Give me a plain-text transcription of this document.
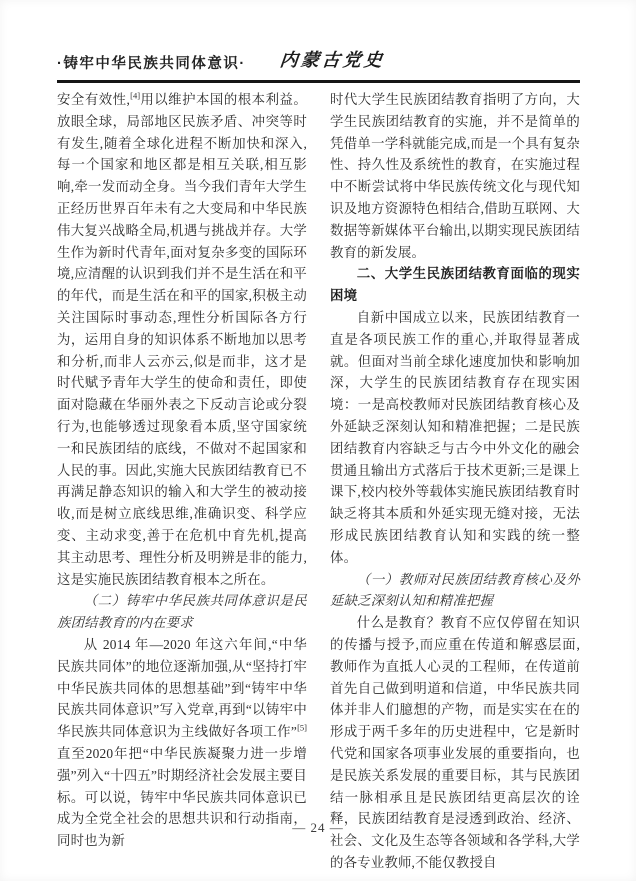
·铸牢中华民族共同体意识· 内蒙古党史

安全有效性,[4]用以维护本国的根本利益。放眼全球，局部地区民族矛盾、冲突等时有发生,随着全球化进程不断加快和深入,每一个国家和地区都是相互关联,相互影响,牵一发而动全身。当今我们青年大学生正经历世界百年未有之大变局和中华民族伟大复兴战略全局,机遇与挑战并存。大学生作为新时代青年,面对复杂多变的国际环境,应清醒的认识到我们并不是生活在和平的年代，而是生活在和平的国家,积极主动关注国际时事动态,理性分析国际各方行为，运用自身的知识体系不断地加以思考和分析,而非人云亦云,似是而非，这才是时代赋予青年大学生的使命和责任，即使面对隐藏在华丽外表之下反动言论或分裂行为,也能够透过现象看本质,坚守国家统一和民族团结的底线，不做对不起国家和人民的事。因此,实施大民族团结教育已不再满足静态知识的输入和大学生的被动接收,而是树立底线思维,准确识变、科学应变、主动求变,善于在危机中育先机,提高其主动思考、理性分析及明辨是非的能力,这是实施民族团结教育根本之所在。

（二）铸牢中华民族共同体意识是民族团结教育的内在要求

从 2014 年—2020 年这六年间,“中华民族共同体”的地位逐渐加强,从“坚持打牢中华民族共同体的思想基础”到“铸牢中华民族共同体意识”写入党章,再到“以铸牢中华民族共同体意识为主线做好各项工作”[5]直至2020年把“中华民族凝聚力进一步增强”列入“十四五”时期经济社会发展主要目标。可以说，铸牢中华民族共同体意识已成为全党全社会的思想共识和行动指南，同时也为新

时代大学生民族团结教育指明了方向，大学生民族团结教育的实施，并不是简单的凭借单一学科就能完成,而是一个具有复杂性、持久性及系统性的教育，在实施过程中不断尝试将中华民族传统文化与现代知识及地方资源特色相结合,借助互联网、大数据等新媒体平台输出,以期实现民族团结教育的新发展。

二、大学生民族团结教育面临的现实困境

自新中国成立以来，民族团结教育一直是各项民族工作的重心,并取得显著成就。但面对当前全球化速度加快和影响加深，大学生的民族团结教育存在现实困境：一是高校教师对民族团结教育核心及外延缺乏深刻认知和精准把握；二是民族团结教育内容缺乏与古今中外文化的融会贯通且输出方式落后于技术更新;三是课上课下,校内校外等载体实施民族团结教育时缺乏将其本质和外延实现无缝对接，无法形成民族团结教育认知和实践的统一整体。

（一）教师对民族团结教育核心及外延缺乏深刻认知和精准把握

什么是教育？教育不应仅停留在知识的传播与授予,而应重在传道和解惑层面,教师作为直抵人心灵的工程师，在传道前首先自己做到明道和信道，中华民族共同体并非人们臆想的产物，而是实实在在的形成于两千多年的历史进程中，它是新时代党和国家各项事业发展的重要指向，也是民族关系发展的重要目标，其与民族团结一脉相承且是民族团结更高层次的诠释，民族团结教育是浸透到政治、经济、社会、文化及生态等各领域和各学科,大学的各专业教师,不能仅教授自

— 24 —
